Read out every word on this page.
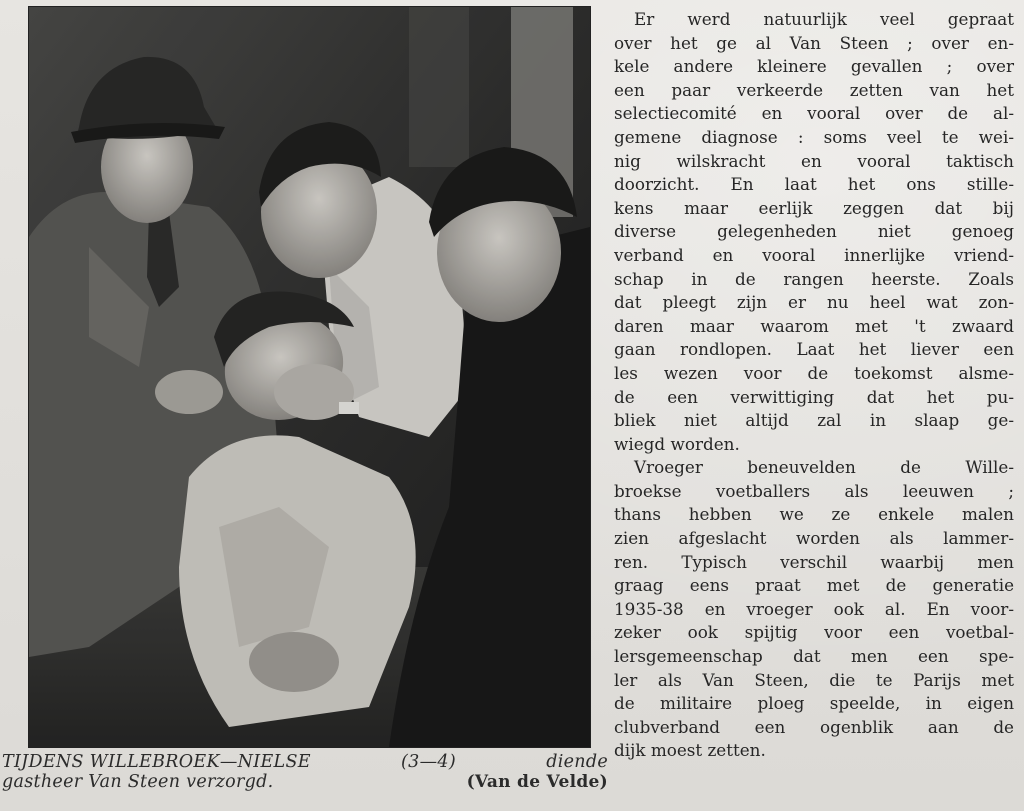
TIJDENS WILLEBROEK—NIELSE	(3—4)	diende
gastheer Van Steen verzorgd.	(Van de Velde)
Er werd natuurlijk veel gepraat
over het ge al Van Steen ; over en-
kele andere kleinere gevallen ; over
een paar verkeerde zetten van het
selectiecomité en vooral over de al-
gemene diagnose : soms veel te wei-
nig wilskracht en vooral taktisch
doorzicht. En laat het ons stille-
kens maar eerlijk zeggen dat bij
diverse gelegenheden niet genoeg
verband en vooral innerlijke vriend-
schap in de rangen heerste. Zoals
dat pleegt zijn er nu heel wat zon-
daren maar waarom met 't zwaard
gaan rondlopen. Laat het liever een
les wezen voor de toekomst alsme-
de een verwittiging dat het pu-
bliek niet altijd zal in slaap ge-
wiegd worden.
Vroeger beneuvelden de Wille-
broekse voetballers als leeuwen ;
thans hebben we ze enkele malen
zien afgeslacht worden als lammer-
ren. Typisch verschil waarbij men
graag eens praat met de generatie
1935-38 en vroeger ook al. En voor-
zeker ook spijtig voor een voetbal-
lersgemeenschap dat men een spe-
ler als Van Steen, die te Parijs met
de militaire ploeg speelde, in eigen
clubverband een ogenblik aan de
dijk moest zetten.
